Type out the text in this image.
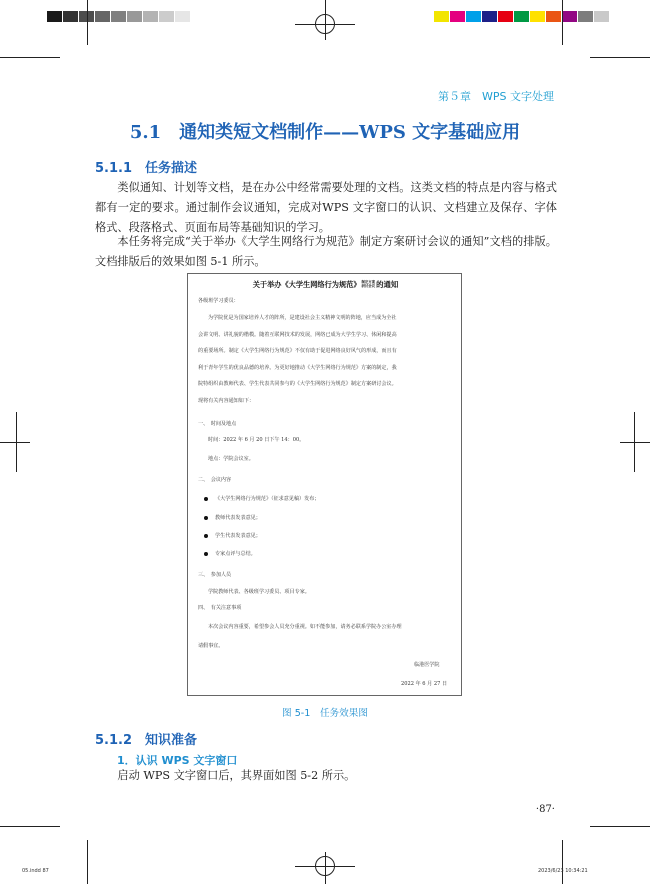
第５章　WPS 文字处理
5.1　通知类短文档制作——WPS 文字基础应用
5.1.1　任务描述
类似通知、计划等文档，是在办公中经常需要处理的文档。这类文档的特点是内容与格式都有一定的要求。通过制作会议通知，完成对WPS 文字窗口的认识、文档建立及保存、字体格式、段落格式、页面布局等基础知识的学习。
本任务将完成“关于举办《大学生网络行为规范》制定方案研讨会议的通知”文档的排版。文档排版后的效果如图 5-1 所示。
关于举办《大学生网络行为规范》制定方案
研讨会议的通知
各级班学习委员：
为学院优是为国家培养人才的阵所，是建设社会主义精神文明的阵地，应当成为全社
会讲文明、讲礼貌的楷模。随着互联网技术的发展，网络已成为大学生学习、休闲和提高
的重要场所。制定《大学生网络行为规范》不仅有助于促进网络良好风气的形成，而且有
利于青年学生的优良品德的培养。为更好地推动《大学生网络行为规范》方案的制定，我
院特组织由教师代表、学生代表共同参与的《大学生网络行为规范》制定方案研讨会议。
现将有关内容通知如下：
一、　时间及地点
时间：2022 年 6 月 20 日下午 14：00。
地点：学院会议室。
二、　会议内容
《大学生网络行为规范》（征求意见稿）发布；
教师代表发表意见；
学生代表发表意见；
专家点评与总结。
三、　参加人员
学院教师代表、各级班学习委员、项目专家。
四、　有关注意事项
本次会议内容重要，希望参会人员充分重视。如不能参加，请务必联系学院办公室办理
请假事宜。
临港医学院
2022 年 6 月 27 日
图 5-1　任务效果图
5.1.2　知识准备
1．认识 WPS 文字窗口
启动 WPS 文字窗口后，其界面如图 5-2 所示。
·87·
05.indd 87	2023/6/23 10:34:21
